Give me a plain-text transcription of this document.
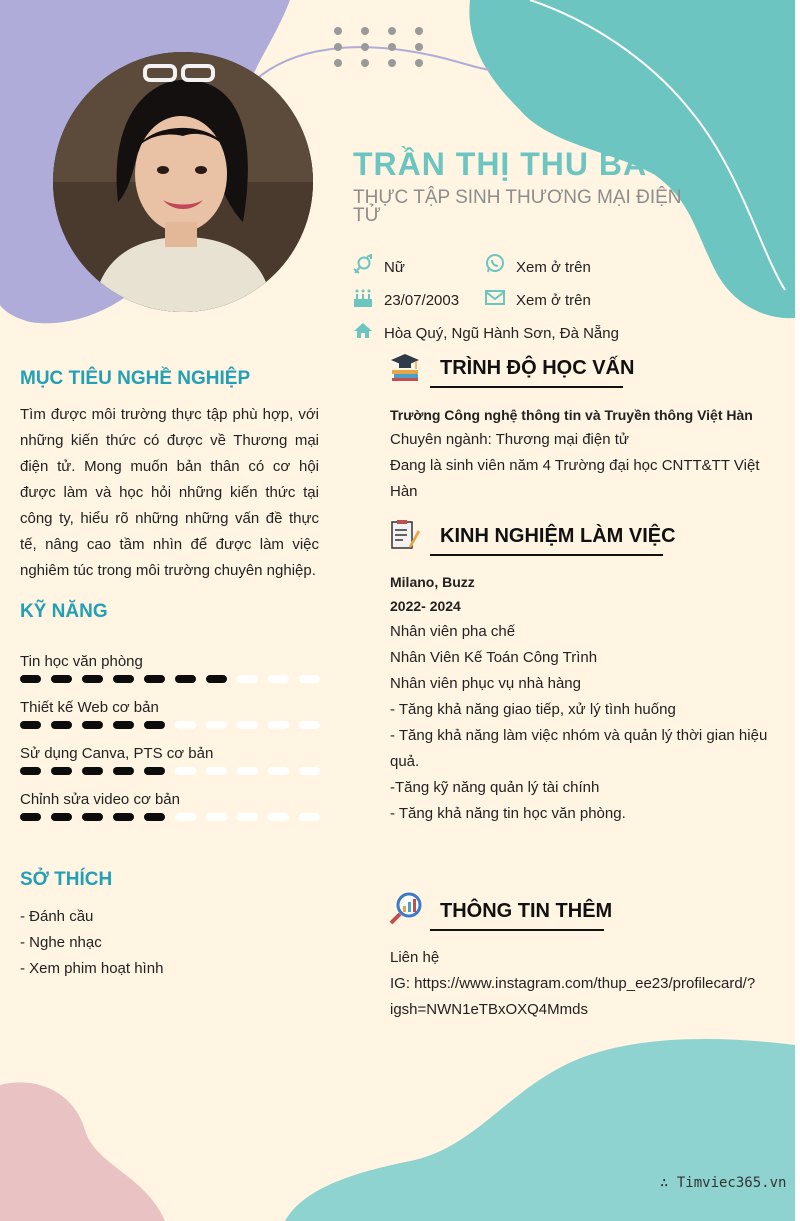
TRẦN THỊ THU BA
THỰC TẬP SINH THƯƠNG MẠI ĐIỆN TỬ
Nữ	Xem ở trên
23/07/2003	Xem ở trên
Hòa Quý, Ngũ Hành Sơn, Đà Nẵng
MỤC TIÊU NGHỀ NGHIỆP
Tìm được môi trường thực tập phù hợp, với những kiến thức có được về Thương mại điện tử. Mong muốn bản thân có cơ hội được làm và học hỏi những kiến thức tại công ty, hiểu rõ những những vấn đề thực tế, nâng cao tầm nhìn để được làm việc nghiêm túc trong môi trường chuyên nghiệp.
KỸ NĂNG
Tin học văn phòng
Thiết kế Web cơ bản
Sử dụng Canva, PTS cơ bản
Chỉnh sửa video cơ bản
SỞ THÍCH
- Đánh cầu
- Nghe nhạc
- Xem phim hoạt hình
TRÌNH ĐỘ HỌC VẤN
Trường Công nghệ thông tin và Truyền thông Việt Hàn
Chuyên ngành: Thương mại điện tử
Đang là sinh viên năm 4 Trường đại học CNTT&TT Việt
Hàn
KINH NGHIỆM LÀM VIỆC
Milano, Buzz
2022- 2024
Nhân viên pha chế
Nhân Viên Kế Toán Công Trình
Nhân viên phục vụ nhà hàng
- Tăng khả năng giao tiếp, xử lý tình huống
- Tăng khả năng làm việc nhóm và quản lý thời gian hiệu
quả.
-Tăng kỹ năng quản lý tài chính
- Tăng khả năng tin học văn phòng.
THÔNG TIN THÊM
Liên hệ
IG: https://www.instagram.com/thup_ee23/profilecard/?
igsh=NWN1eTBxOXQ4Mmds
∴ Timviec365.vn
